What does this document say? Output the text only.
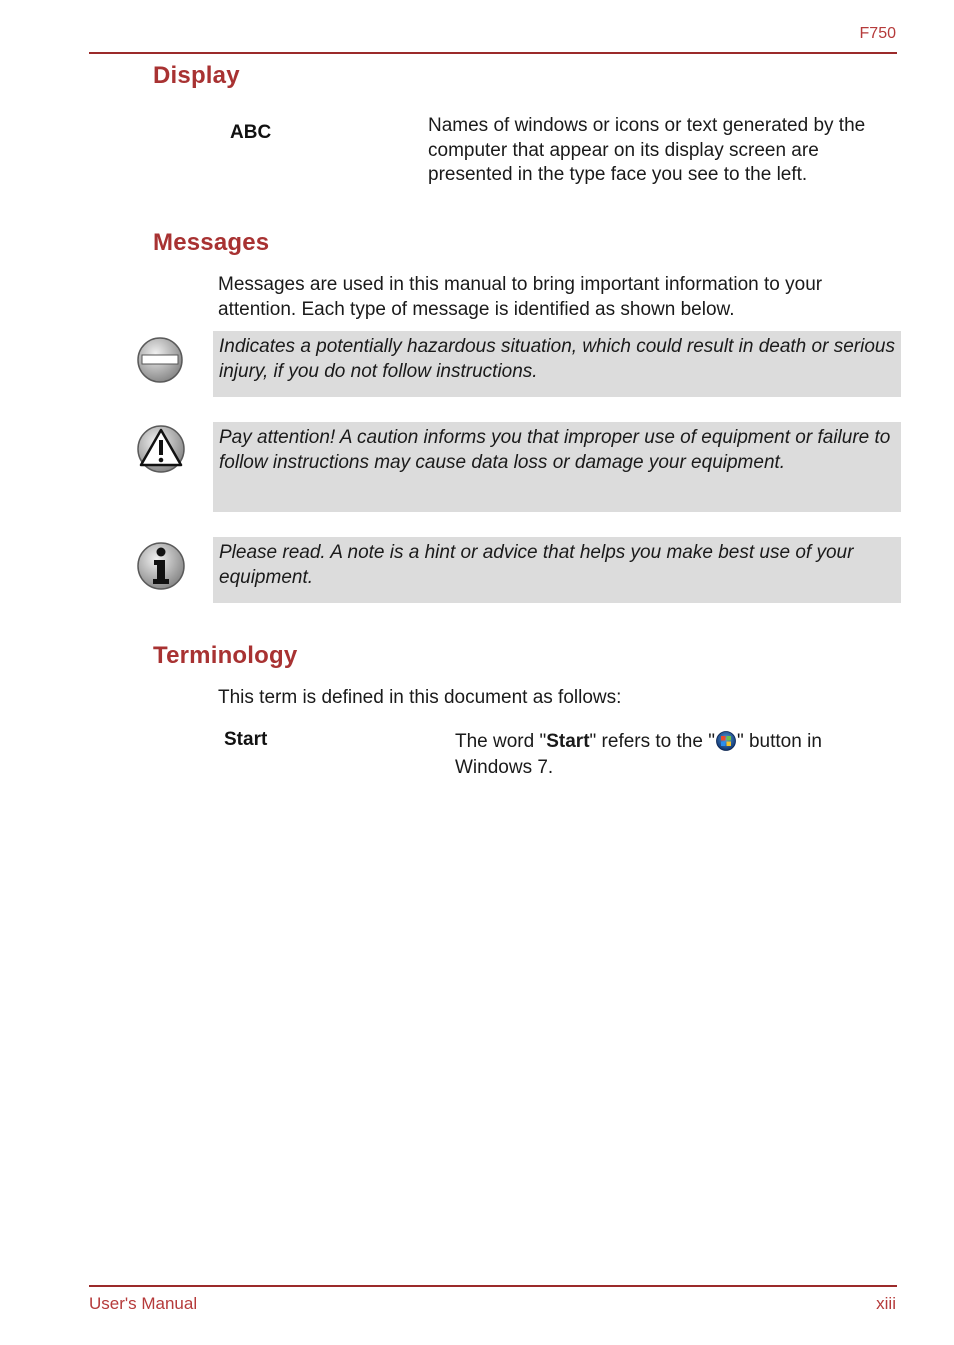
F750
Display
ABC	Names of windows or icons or text generated by the computer that appear on its display screen are presented in the type face you see to the left.
Messages
Messages are used in this manual to bring important information to your attention. Each type of message is identified as shown below.
Indicates a potentially hazardous situation, which could result in death or serious injury, if you do not follow instructions.
Pay attention! A caution informs you that improper use of equipment or failure to follow instructions may cause data loss or damage your equipment.
Please read. A note is a hint or advice that helps you make best use of your equipment.
Terminology
This term is defined in this document as follows:
Start	The word "Start" refers to the " " button in Windows 7.
User's Manual	xiii
